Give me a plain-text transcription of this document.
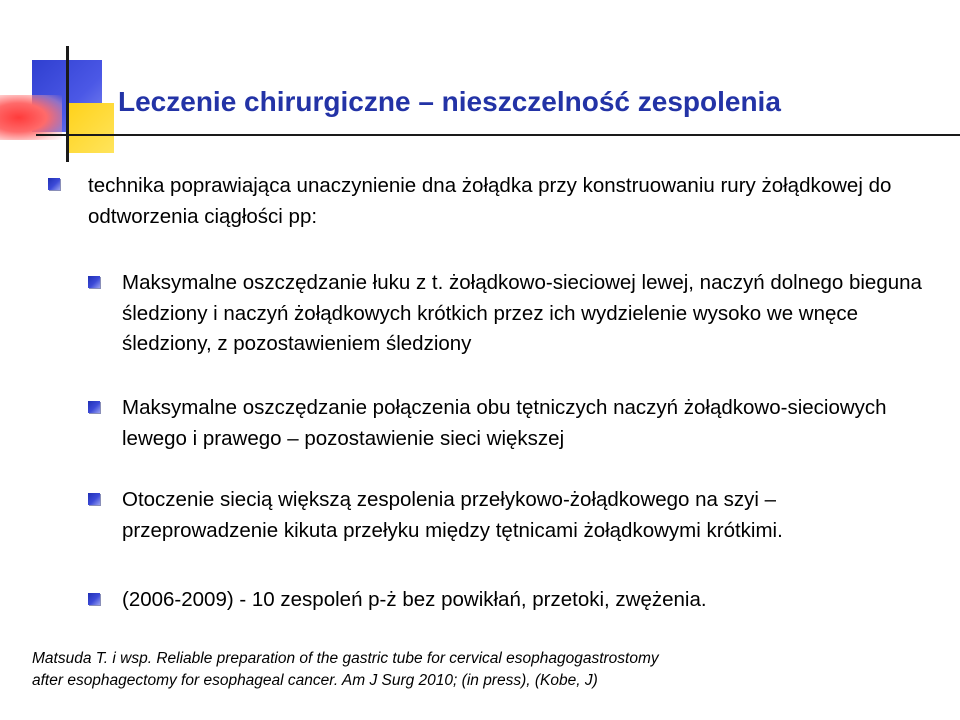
Leczenie chirurgiczne – nieszczelność zespolenia
technika poprawiająca unaczynienie dna żołądka przy konstruowaniu rury żołądkowej do odtworzenia ciągłości pp:
Maksymalne oszczędzanie łuku z t. żołądkowo-sieciowej lewej, naczyń dolnego bieguna śledziony i naczyń żołądkowych krótkich przez ich wydzielenie wysoko we wnęce śledziony, z pozostawieniem śledziony
Maksymalne oszczędzanie połączenia obu tętniczych naczyń żołądkowo-sieciowych lewego i prawego – pozostawienie sieci większej
Otoczenie siecią większą zespolenia przełykowo-żołądkowego na szyi – przeprowadzenie kikuta przełyku między tętnicami żołądkowymi krótkimi.
(2006-2009) - 10 zespoleń p-ż bez powikłań, przetoki, zwężenia.
Matsuda T. i wsp. Reliable preparation of the gastric tube for cervical esophagogastrostomy
after esophagectomy for esophageal cancer. Am J Surg 2010; (in press), (Kobe, J)
